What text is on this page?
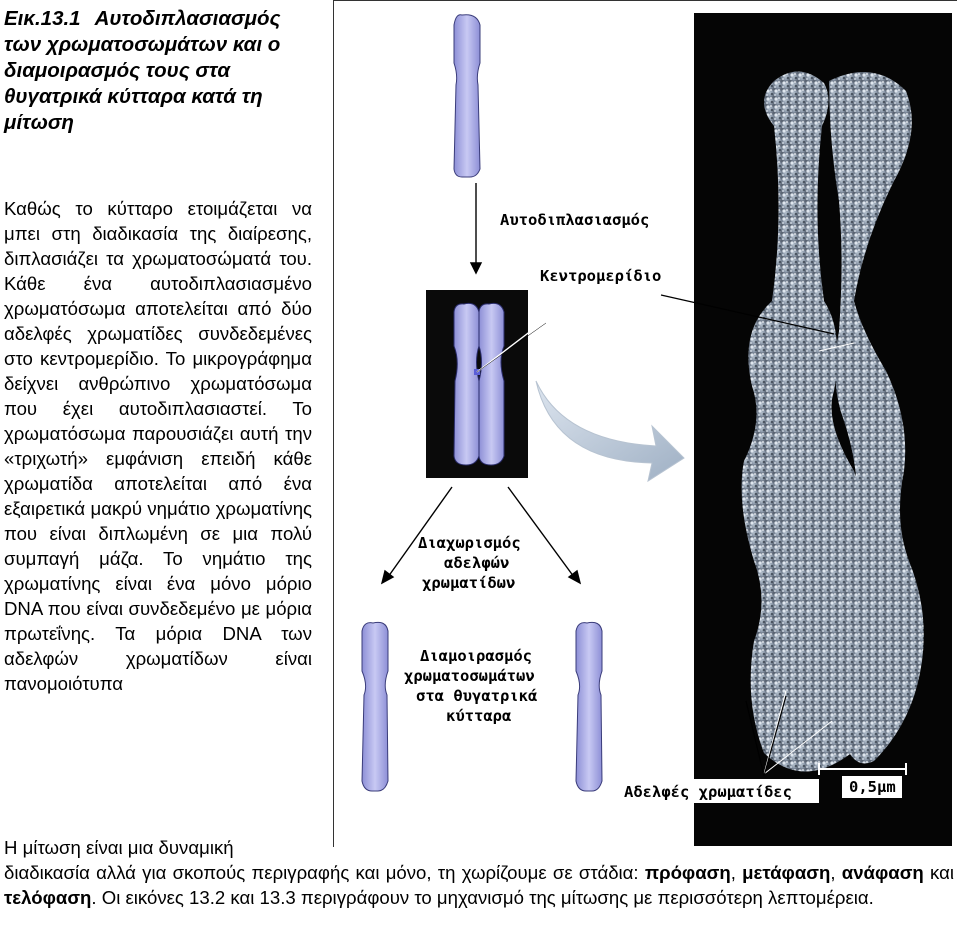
Εικ.13.1 Αυτοδιπλασιασμός των χρωματοσωμάτων και ο διαμοιρασμός τους στα θυγατρικά κύτταρα κατά τη μίτωση
Καθώς το κύτταρο ετοιμάζεται να μπει στη διαδικασία της διαίρεσης, διπλασιάζει τα χρωματοσώματά του. Κάθε ένα αυτοδιπλασιασμένο χρωματόσωμα αποτελείται από δύο αδελφές χρωματίδες συνδεδεμένες στο κεντρομερίδιο. Το μικρογράφημα δείχνει ανθρώπινο χρωματόσωμα που έχει αυτοδιπλασιαστεί. Το χρωματόσωμα παρουσιάζει αυτή την «τριχωτή» εμφάνιση επειδή κάθε χρωματίδα αποτελείται από ένα εξαιρετικά μακρύ νημάτιο χρωματίνης που είναι διπλωμένη σε μια πολύ συμπαγή μάζα. Το νημάτιο της χρωματίνης είναι ένα μόνο μόριο DNA που είναι συνδεδεμένο με μόρια πρωτεΐνης. Τα μόρια DNA των αδελφών χρωματίδων είναι πανομοιότυπα
Αυτοδιπλασιασμός
Κεντρομερίδιο
Διαχωρισμός
αδελφών
χρωματίδων
Διαμοιρασμός
χρωματοσωμάτων
στα θυγατρικά
κύτταρα
Αδελφές χρωματίδες	0,5μm
Η μίτωση είναι μια δυναμική
διαδικασία αλλά για σκοπούς περιγραφής και μόνο, τη χωρίζουμε σε στάδια: πρόφαση, μετάφαση, ανάφαση και τελόφαση. Οι εικόνες 13.2 και 13.3 περιγράφουν το μηχανισμό της μίτωσης με περισσότερη λεπτομέρεια.
